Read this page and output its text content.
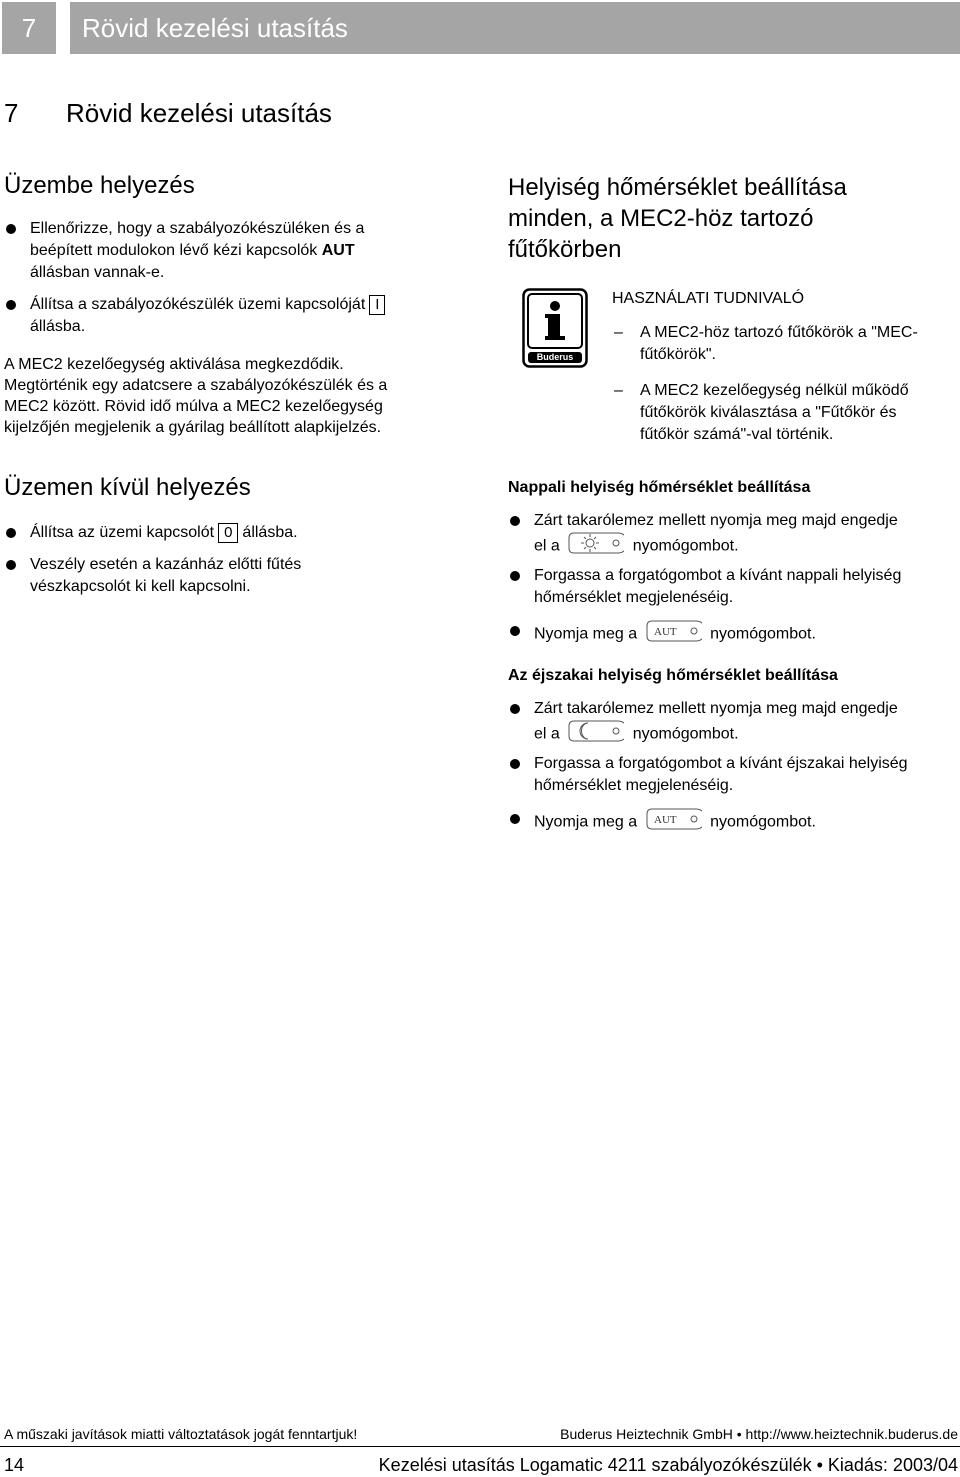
7	Rövid kezelési utasítás
7 Rövid kezelési utasítás
Üzembe helyezés
Ellenőrizze, hogy a szabályozókészüléken és a
beépített modulokon lévő kézi kapcsolók AUT
állásban vannak-e.
Állítsa a szabályozókészülék üzemi kapcsolóját I
állásba.
A MEC2 kezelőegység aktiválása megkezdődik.
Megtörténik egy adatcsere a szabályozókészülék és a
MEC2 között. Rövid idő múlva a MEC2 kezelőegység
kijelzőjén megjelenik a gyárilag beállított alapkijelzés.
Üzemen kívül helyezés
Állítsa az üzemi kapcsolót 0 állásba.
Veszély esetén a kazánház előtti fűtés
vészkapcsolót ki kell kapcsolni.
Helyiség hőmérséklet beállítása
minden, a MEC2-höz tartozó
fűtőkörben
Buderus
HASZNÁLATI TUDNIVALÓ
– A MEC2-höz tartozó fűtőkörök a "MEC-
fűtőkörök".
– A MEC2 kezelőegység nélkül működő
fűtőkörök kiválasztása a "Fűtőkör és
fűtőkör számá"-val történik.
Nappali helyiség hőmérséklet beállítása
Zárt takarólemez mellett nyomja meg majd engedje
el a	nyomógombot.
Forgassa a forgatógombot a kívánt nappali helyiség
hőmérséklet megjelenéséig.
Nyomja meg a AUT nyomógombot.
Az éjszakai helyiség hőmérséklet beállítása
Zárt takarólemez mellett nyomja meg majd engedje
el a	nyomógombot.
Forgassa a forgatógombot a kívánt éjszakai helyiség
hőmérséklet megjelenéséig.
Nyomja meg a AUT nyomógombot.
A műszaki javítások miatti változtatások jogát fenntartjuk!	Buderus Heiztechnik GmbH • http://www.heiztechnik.buderus.de
14	Kezelési utasítás Logamatic 4211 szabályozókészülék • Kiadás: 2003/04
